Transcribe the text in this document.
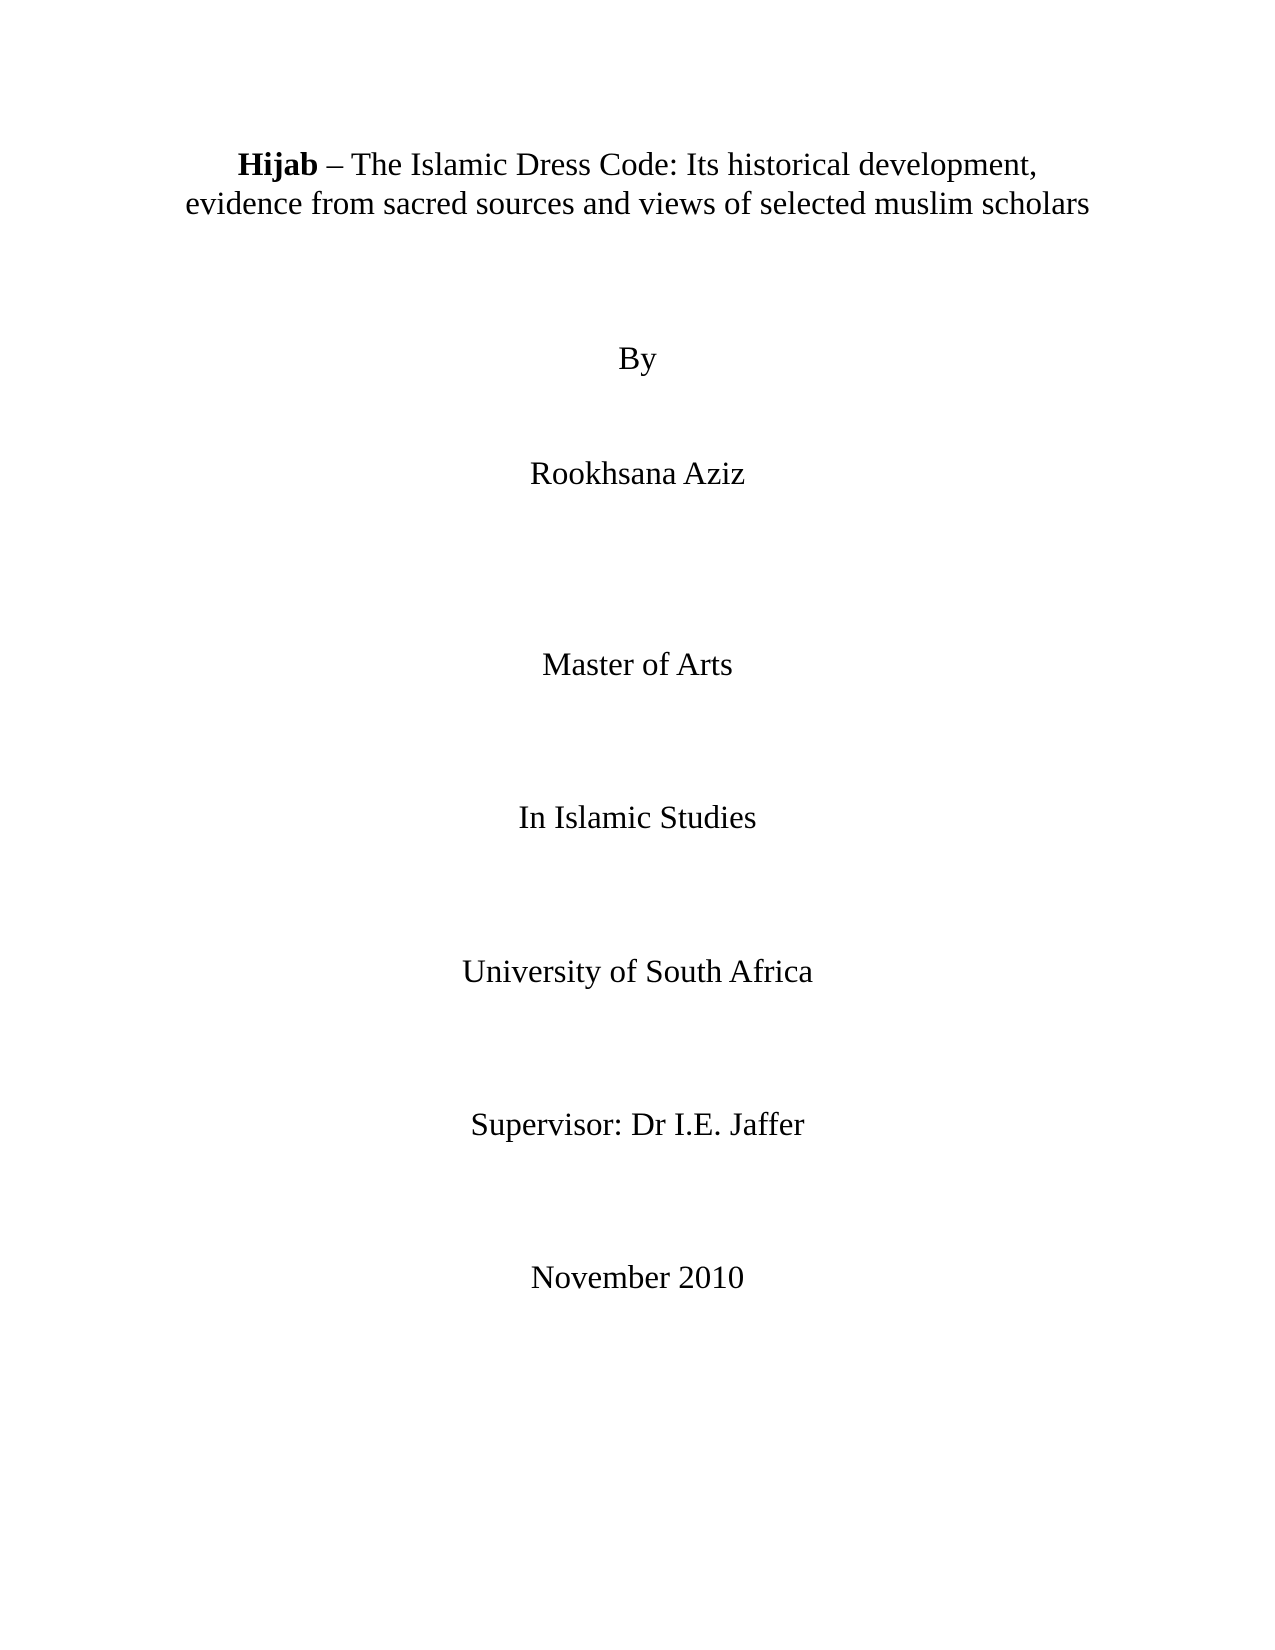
Hijab – The Islamic Dress Code: Its historical development, evidence from sacred sources and views of selected muslim scholars
By
Rookhsana Aziz
Master of Arts
In Islamic Studies
University of South Africa
Supervisor: Dr I.E. Jaffer
November 2010
